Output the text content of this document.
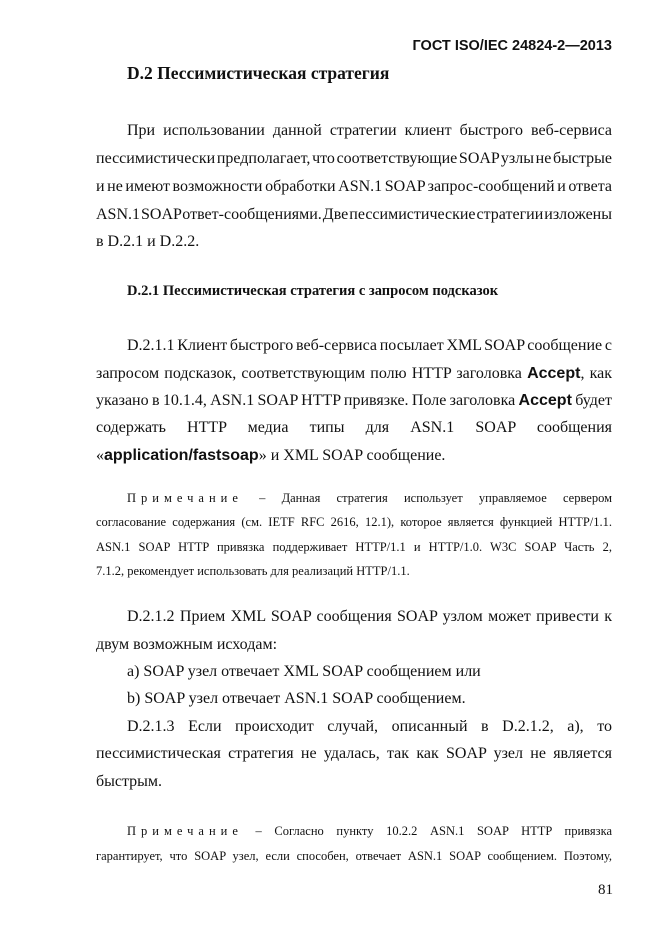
ГОСТ ISO/IEC 24824-2—2013
D.2 Пессимистическая стратегия
При использовании данной стратегии клиент быстрого веб-сервиса
пессимистически предполагает, что соответствующие SOAP узлы не быстрые
и не имеют возможности обработки ASN.1 SOAP запрос-сообщений и ответа
ASN.1 SOAP ответ-сообщениями. Две пессимистические стратегии изложены
в D.2.1 и D.2.2.
D.2.1 Пессимистическая стратегия с запросом подсказок
D.2.1.1 Клиент быстрого веб-сервиса посылает XML SOAP сообщение с
запросом подсказок, соответствующим полю HTTP заголовка Accept, как
указано в 10.1.4, ASN.1 SOAP HTTP привязке. Поле заголовка Accept будет
содержать HTTP медиа типы для ASN.1 SOAP сообщения
«application/fastsoap» и XML SOAP сообщение.
Примечание – Данная стратегия использует управляемое сервером
согласование содержания (см. IETF RFC 2616, 12.1), которое является функцией HTTP/1.1.
ASN.1 SOAP HTTP привязка поддерживает HTTP/1.1 и HTTP/1.0. W3C SOAP Часть 2,
7.1.2, рекомендует использовать для реализаций HTTP/1.1.
D.2.1.2 Прием XML SOAP сообщения SOAP узлом может привести к
двум возможным исходам:
a) SOAP узел отвечает XML SOAP сообщением или
b) SOAP узел отвечает ASN.1 SOAP сообщением.
D.2.1.3 Если происходит случай, описанный в D.2.1.2, а), то
пессимистическая стратегия не удалась, так как SOAP узел не является
быстрым.
Примечание – Согласно пункту 10.2.2 ASN.1 SOAP HTTP привязка
гарантирует, что SOAP узел, если способен, отвечает ASN.1 SOAP сообщением. Поэтому,
81
